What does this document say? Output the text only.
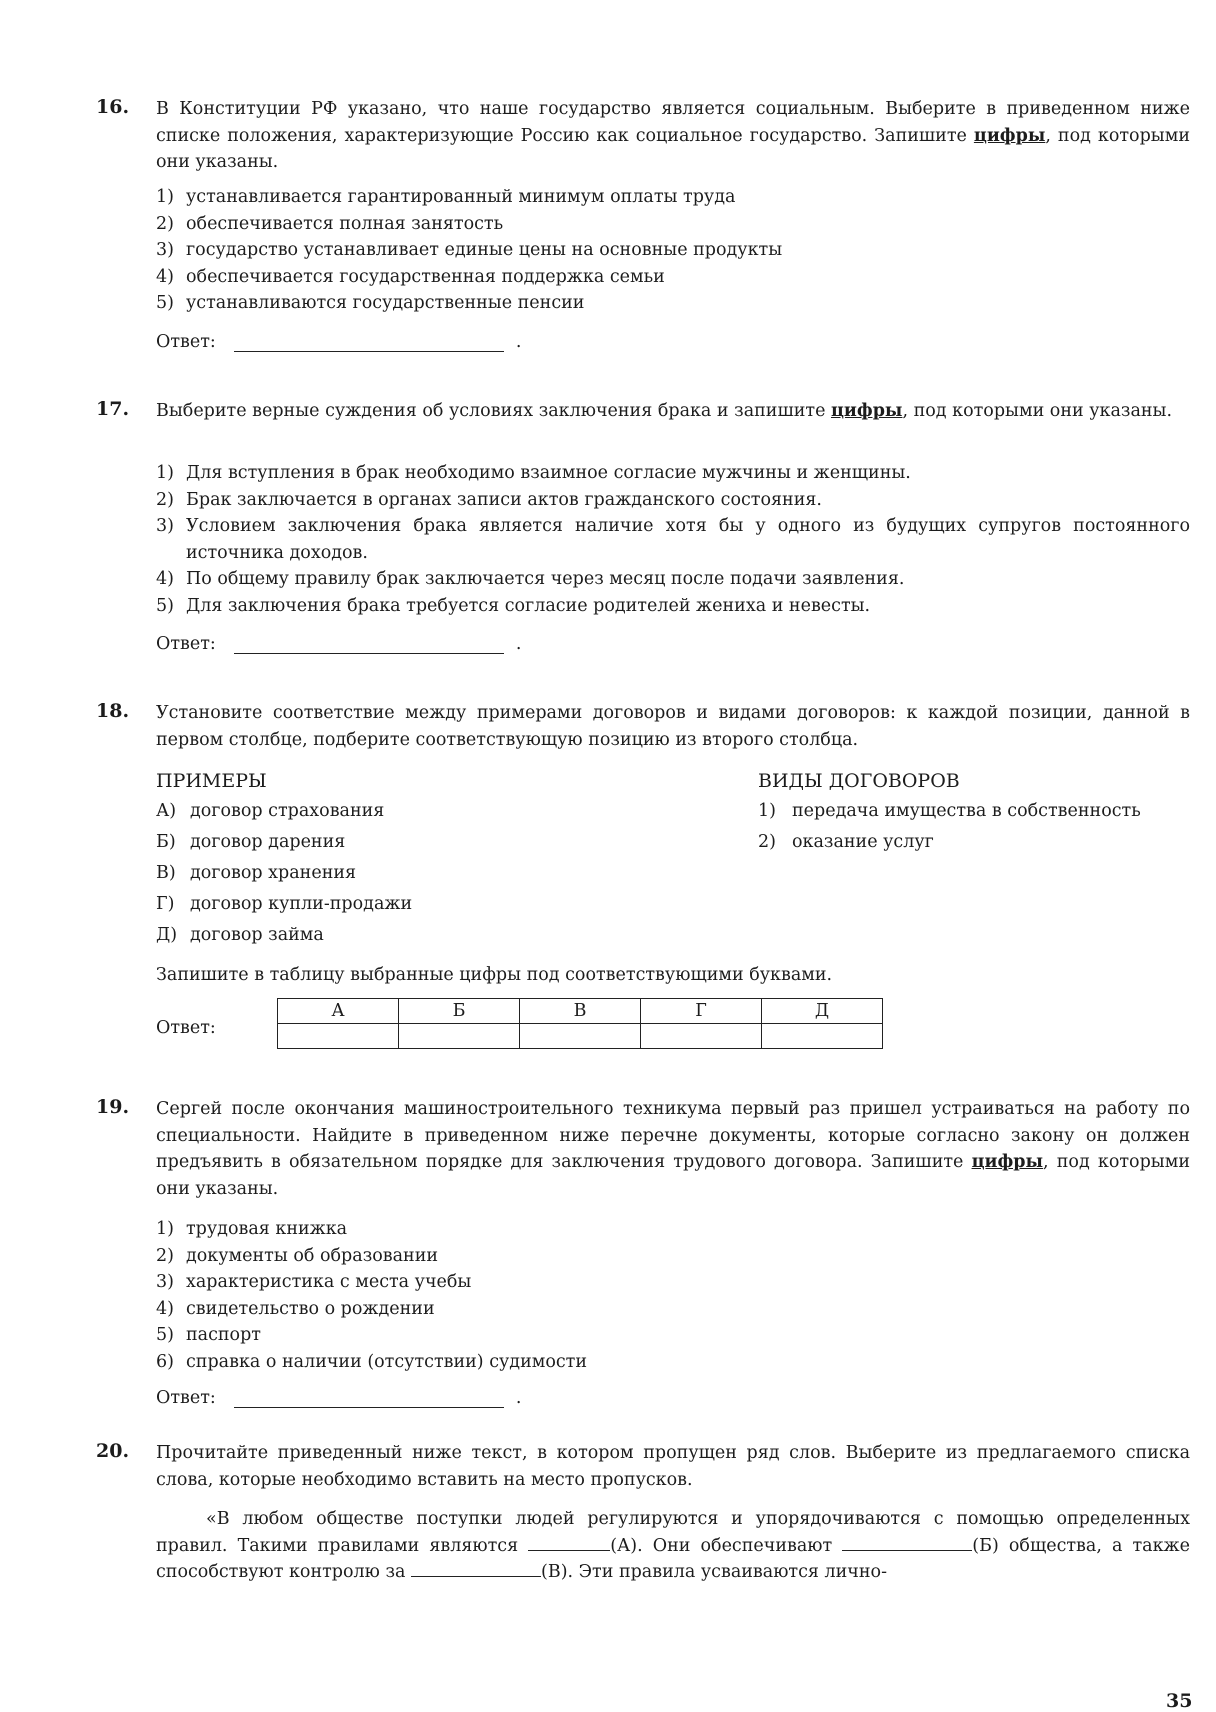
16. В Конституции РФ указано, что наше государство является социальным. Выберите в приведенном ниже списке положения, характеризующие Россию как социальное государство. Запишите цифры, под которыми они указаны.
1) устанавливается гарантированный минимум оплаты труда
2) обеспечивается полная занятость
3) государство устанавливает единые цены на основные продукты
4) обеспечивается государственная поддержка семьи
5) устанавливаются государственные пенсии
Ответ:	.
17. Выберите верные суждения об условиях заключения брака и запишите цифры, под которыми они указаны.
1) Для вступления в брак необходимо взаимное согласие мужчины и женщины.
2) Брак заключается в органах записи актов гражданского состояния.
3) Условием заключения брака является наличие хотя бы у одного из будущих супругов постоянного источника доходов.
4) По общему правилу брак заключается через месяц после подачи заявления.
5) Для заключения брака требуется согласие родителей жениха и невесты.
Ответ:	.
18. Установите соответствие между примерами договоров и видами договоров: к каждой позиции, данной в первом столбце, подберите соответствующую позицию из второго столбца.
ПРИМЕРЫ	ВИДЫ ДОГОВОРОВ
А) договор страхования
Б) договор дарения
В) договор хранения
Г) договор купли-продажи
Д) договор займа
1) передача имущества в собственность
2) оказание услуг
Запишите в таблицу выбранные цифры под соответствующими буквами.
Ответ:
А	Б	В	Г	Д

19. Сергей после окончания машиностроительного техникума первый раз пришел устраиваться на работу по специальности. Найдите в приведенном ниже перечне документы, которые согласно закону он должен предъявить в обязательном порядке для заключения трудового договора. Запишите цифры, под которыми они указаны.
1) трудовая книжка
2) документы об образовании
3) характеристика с места учебы
4) свидетельство о рождении
5) паспорт
6) справка о наличии (отсутствии) судимости
Ответ:	.
20. Прочитайте приведенный ниже текст, в котором пропущен ряд слов. Выберите из предлагаемого списка слова, которые необходимо вставить на место пропусков.
«В любом обществе поступки людей регулируются и упорядочиваются с помощью определенных правил. Такими правилами являются	(А). Они обеспечивают	(Б) общества, а также способствуют контролю за	(В). Эти правила усваиваются лично-
35
